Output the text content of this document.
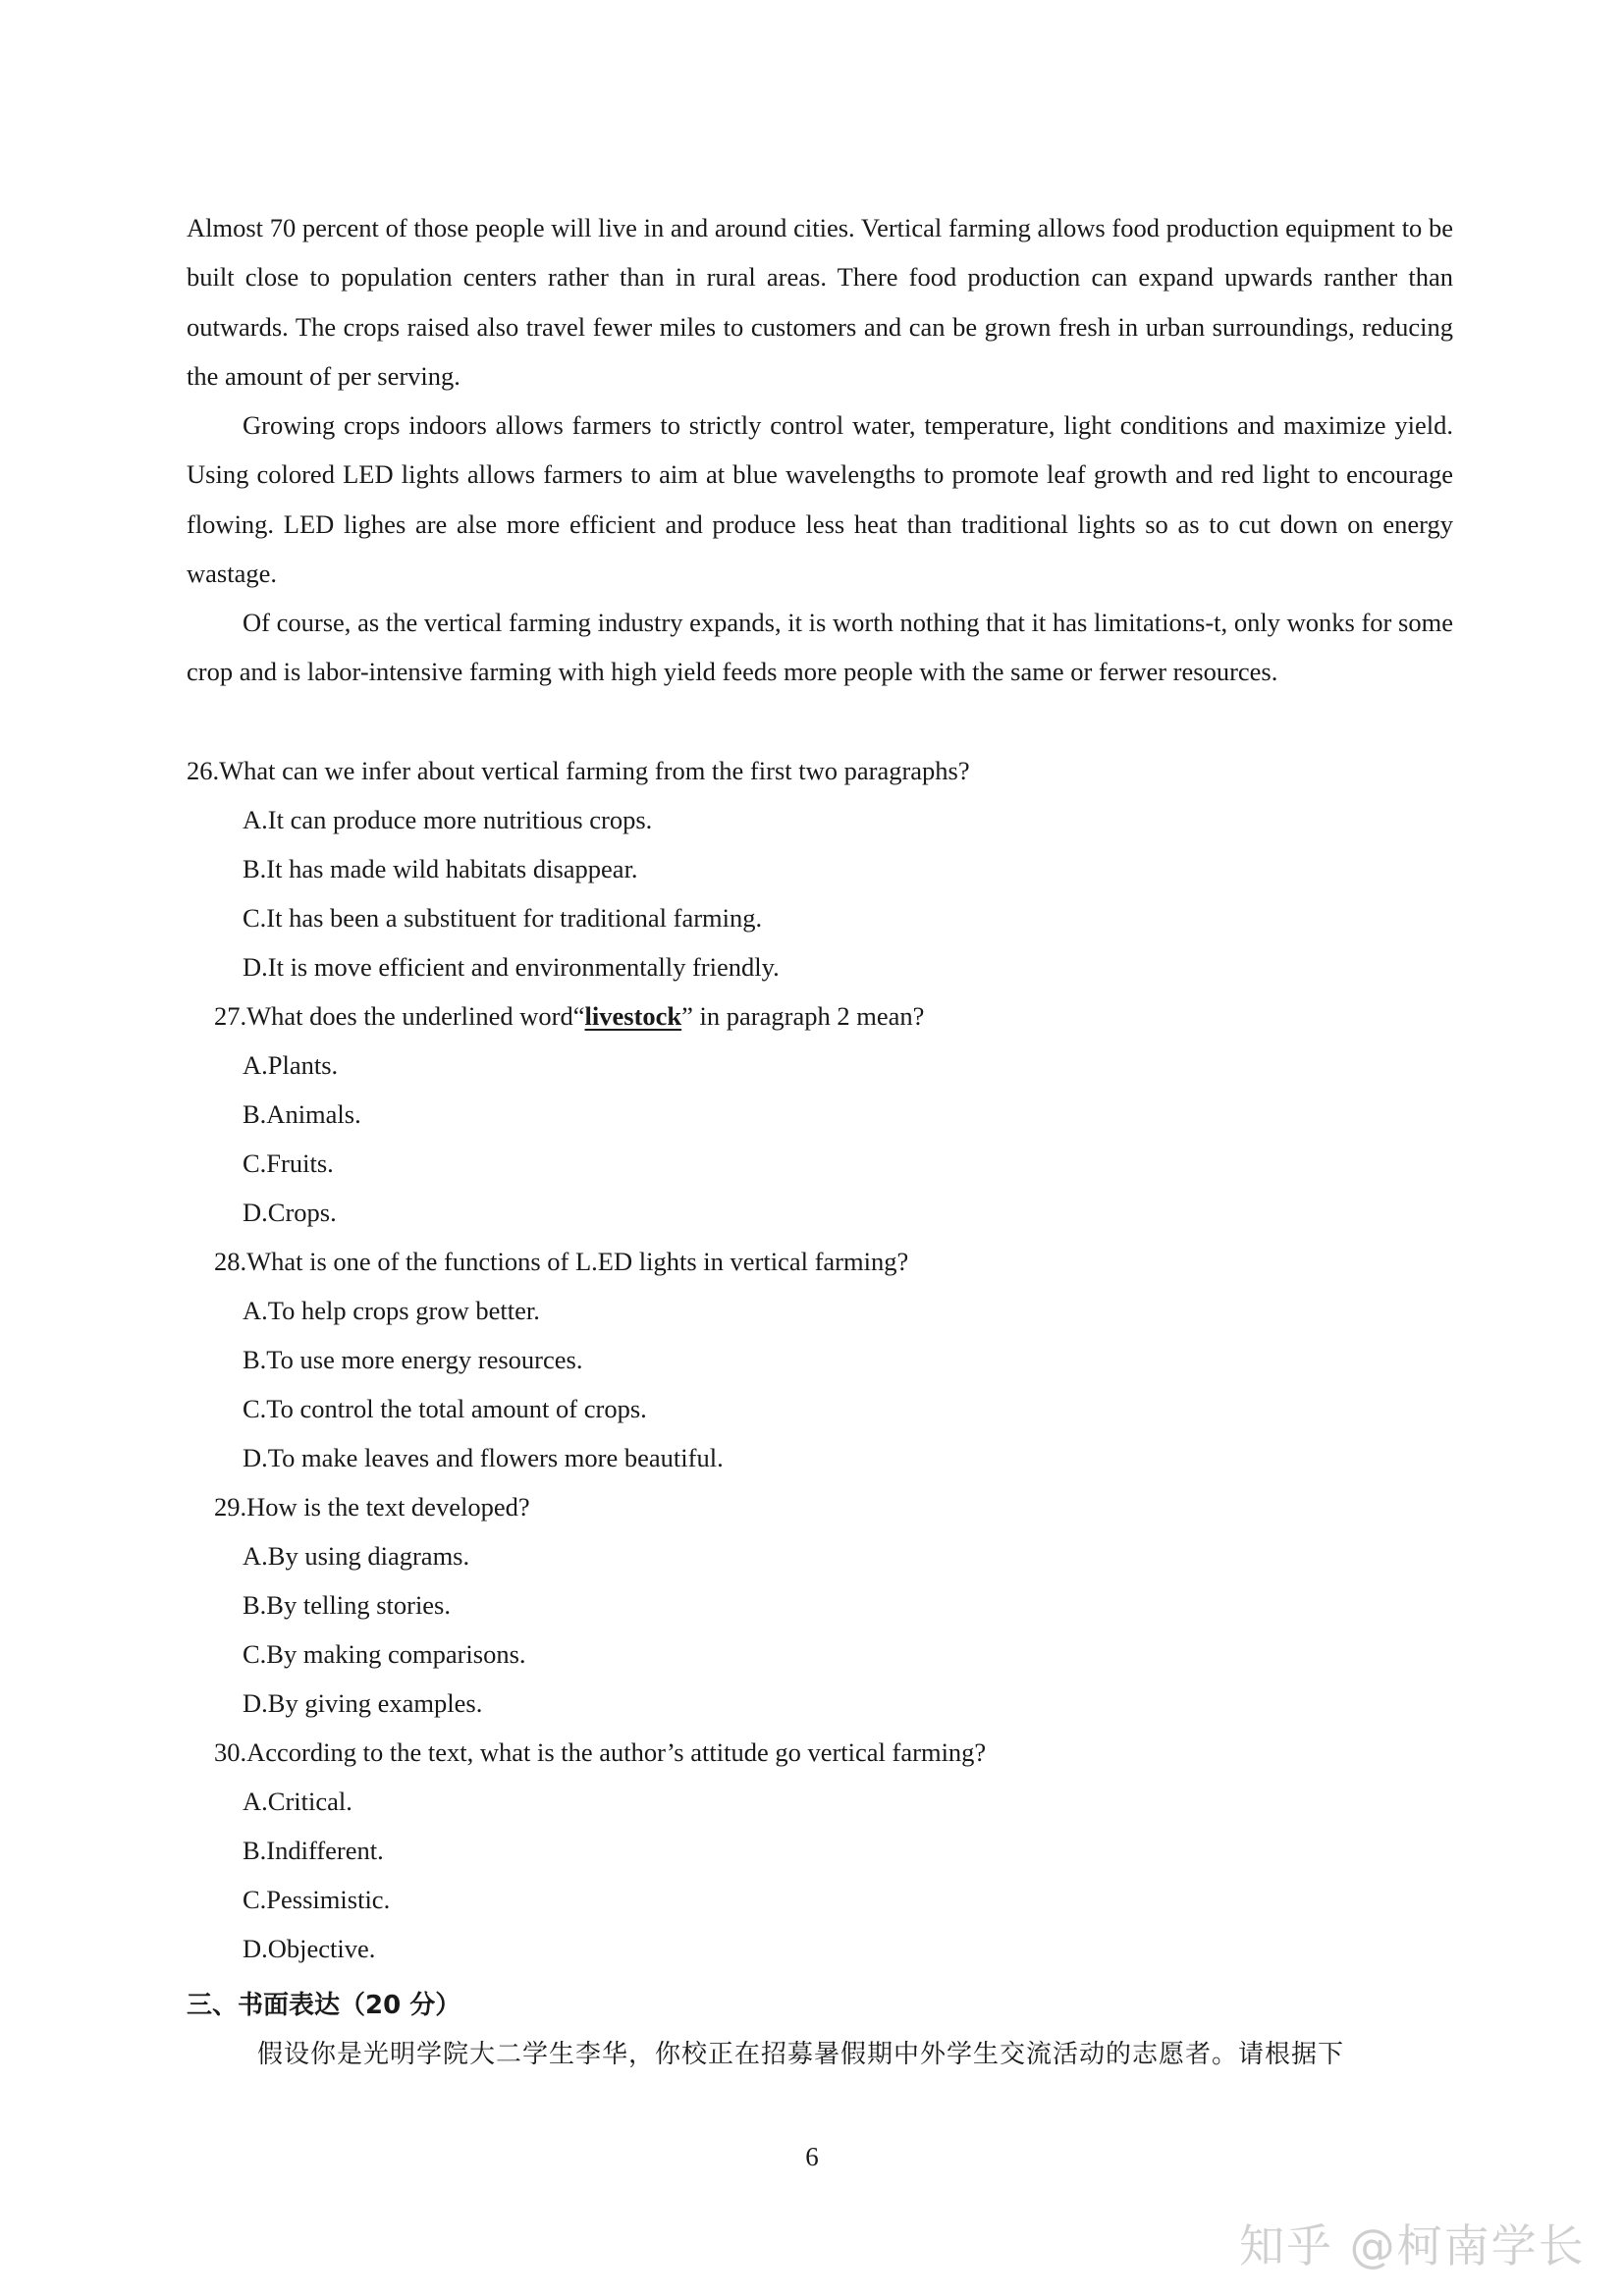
Almost 70 percent of those people will live in and around cities. Vertical farming allows food production equipment to be built close to population centers rather than in rural areas. There food production can expand upwards ranther than outwards. The crops raised also travel fewer miles to customers and can be grown fresh in urban surroundings, reducing the amount of per serving.

Growing crops indoors allows farmers to strictly control water, temperature, light conditions and maximize yield. Using colored LED lights allows farmers to aim at blue wavelengths to promote leaf growth and red light to encourage flowing. LED lighes are alse more efficient and produce less heat than traditional lights so as to cut down on energy wastage.

Of course, as the vertical farming industry expands, it is worth nothing that it has limitations-t, only wonks for some crop and is labor-intensive farming with high yield feeds more people with the same or ferwer resources.

26.What can we infer about vertical farming from the first two paragraphs?
A.It can produce more nutritious crops.
B.It has made wild habitats disappear.
C.It has been a substituent for traditional farming.
D.It is move efficient and environmentally friendly.
27.What does the underlined word“livestock” in paragraph 2 mean?
A.Plants.
B.Animals.
C.Fruits.
D.Crops.
28.What is one of the functions of L.ED lights in vertical farming?
A.To help crops grow better.
B.To use more energy resources.
C.To control the total amount of crops.
D.To make leaves and flowers more beautiful.
29.How is the text developed?
A.By using diagrams.
B.By telling stories.
C.By making comparisons.
D.By giving examples.
30.According to the text, what is the author’s attitude go vertical farming?
A.Critical.
B.Indifferent.
C.Pessimistic.
D.Objective.
三、书面表达（20 分）
假设你是光明学院大二学生李华，你校正在招募暑假期中外学生交流活动的志愿者。请根据下
6
知乎 @柯南学长
